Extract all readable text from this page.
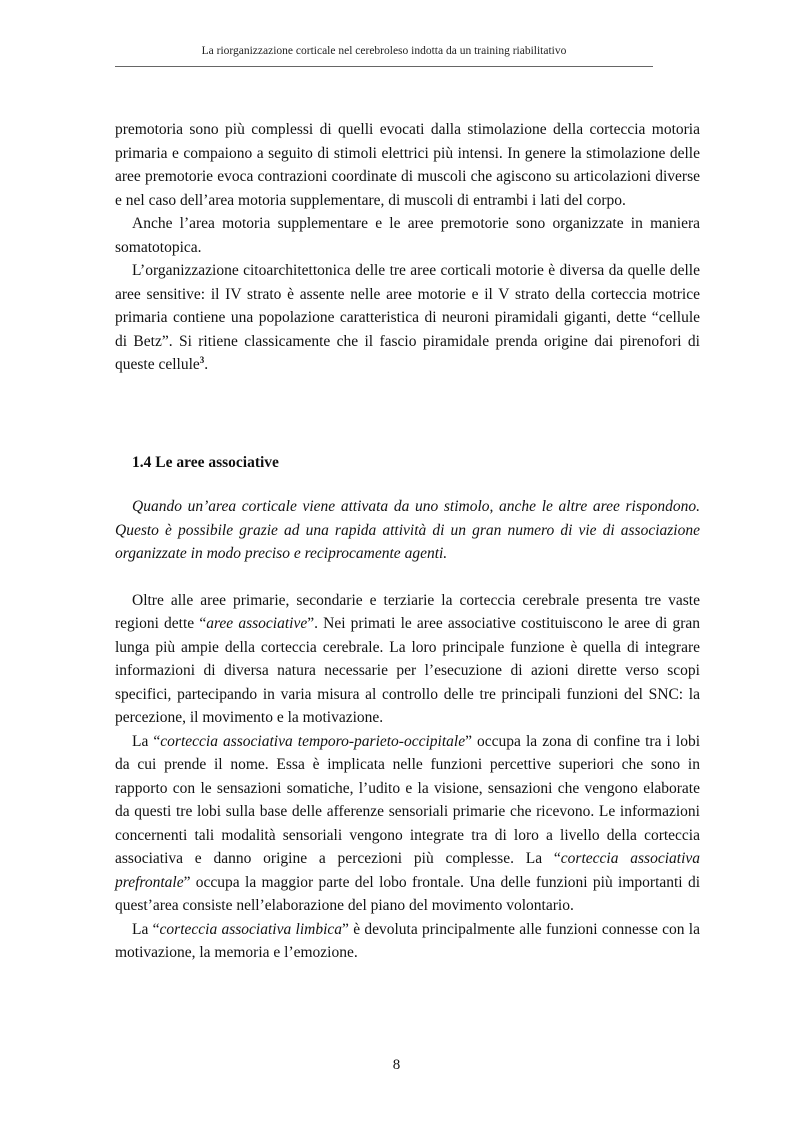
La riorganizzazione corticale nel cerebroleso indotta da un training riabilitativo

premotoria sono più complessi di quelli evocati dalla stimolazione della corteccia motoria primaria e compaiono a seguito di stimoli elettrici più intensi. In genere la stimolazione delle aree premotorie evoca contrazioni coordinate di muscoli che agiscono su articolazioni diverse e nel caso dell’area motoria supplementare, di muscoli di entrambi i lati del corpo.

Anche l’area motoria supplementare e le aree premotorie sono organizzate in maniera somatotopica.

L’organizzazione citoarchitettonica delle tre aree corticali motorie è diversa da quelle delle aree sensitive: il IV strato è assente nelle aree motorie e il V strato della corteccia motrice primaria contiene una popolazione caratteristica di neuroni piramidali giganti, dette “cellule di Betz”. Si ritiene classicamente che il fascio piramidale prenda origine dai pirenofori di queste cellule$^3$.

1.4 Le aree associative

Quando un’area corticale viene attivata da uno stimolo, anche le altre aree rispondono. Questo è possibile grazie ad una rapida attività di un gran numero di vie di associazione organizzate in modo preciso e reciprocamente agenti.

Oltre alle aree primarie, secondarie e terziarie la corteccia cerebrale presenta tre vaste regioni dette “aree associative”. Nei primati le aree associative costituiscono le aree di gran lunga più ampie della corteccia cerebrale. La loro principale funzione è quella di integrare informazioni di diversa natura necessarie per l’esecuzione di azioni dirette verso scopi specifici, partecipando in varia misura al controllo delle tre principali funzioni del SNC: la percezione, il movimento e la motivazione.

La “corteccia associativa temporo-parieto-occipitale” occupa la zona di confine tra i lobi da cui prende il nome. Essa è implicata nelle funzioni percettive superiori che sono in rapporto con le sensazioni somatiche, l’udito e la visione, sensazioni che vengono elaborate da questi tre lobi sulla base delle afferenze sensoriali primarie che ricevono. Le informazioni concernenti tali modalità sensoriali vengono integrate tra di loro a livello della corteccia associativa e danno origine a percezioni più complesse. La “corteccia associativa prefrontale” occupa la maggior parte del lobo frontale. Una delle funzioni più importanti di quest’area consiste nell’elaborazione del piano del movimento volontario.

La “corteccia associativa limbica” è devoluta principalmente alle funzioni connesse con la motivazione, la memoria e l’emozione.

8
